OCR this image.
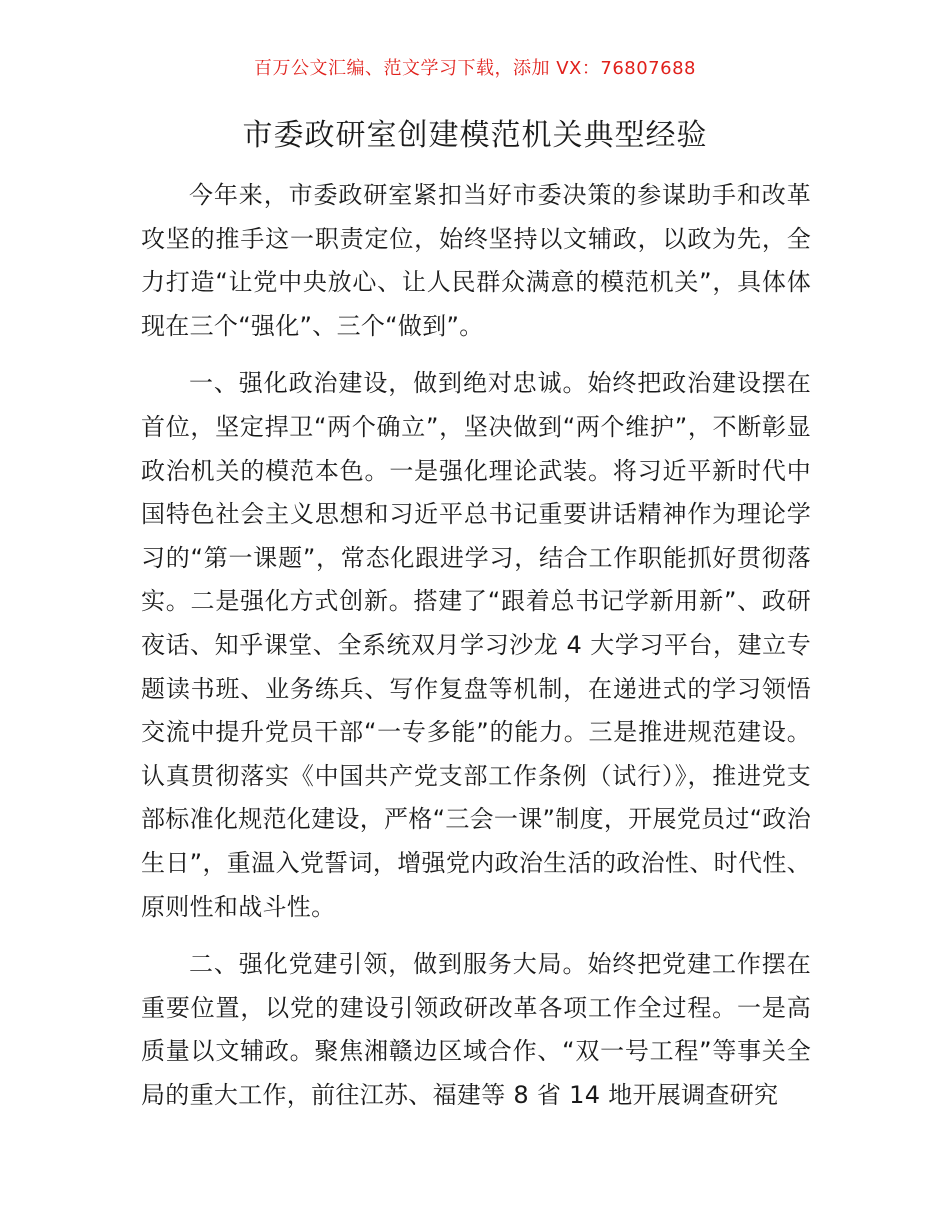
百万公文汇编、范文学习下载，添加 VX：76807688
市委政研室创建模范机关典型经验

今年来，市委政研室紧扣当好市委决策的参谋助手和改革攻坚的推手这一职责定位，始终坚持以文辅政，以政为先，全力打造“让党中央放心、让人民群众满意的模范机关”，具体体现在三个“强化”、三个“做到”。

一、强化政治建设，做到绝对忠诚。始终把政治建设摆在首位，坚定捍卫“两个确立”，坚决做到“两个维护”，不断彰显政治机关的模范本色。一是强化理论武装。将习近平新时代中国特色社会主义思想和习近平总书记重要讲话精神作为理论学习的“第一课题”，常态化跟进学习，结合工作职能抓好贯彻落实。二是强化方式创新。搭建了“跟着总书记学新用新”、政研夜话、知乎课堂、全系统双月学习沙龙 4 大学习平台，建立专题读书班、业务练兵、写作复盘等机制，在递进式的学习领悟交流中提升党员干部“一专多能”的能力。三是推进规范建设。认真贯彻落实《中国共产党支部工作条例（试行）》，推进党支部标准化规范化建设，严格“三会一课”制度，开展党员过“政治生日”，重温入党誓词，增强党内政治生活的政治性、时代性、原则性和战斗性。

二、强化党建引领，做到服务大局。始终把党建工作摆在重要位置，以党的建设引领政研改革各项工作全过程。一是高质量以文辅政。聚焦湘赣边区域合作、“双一号工程”等事关全局的重大工作，前往江苏、福建等 8 省 14 地开展调查研究
